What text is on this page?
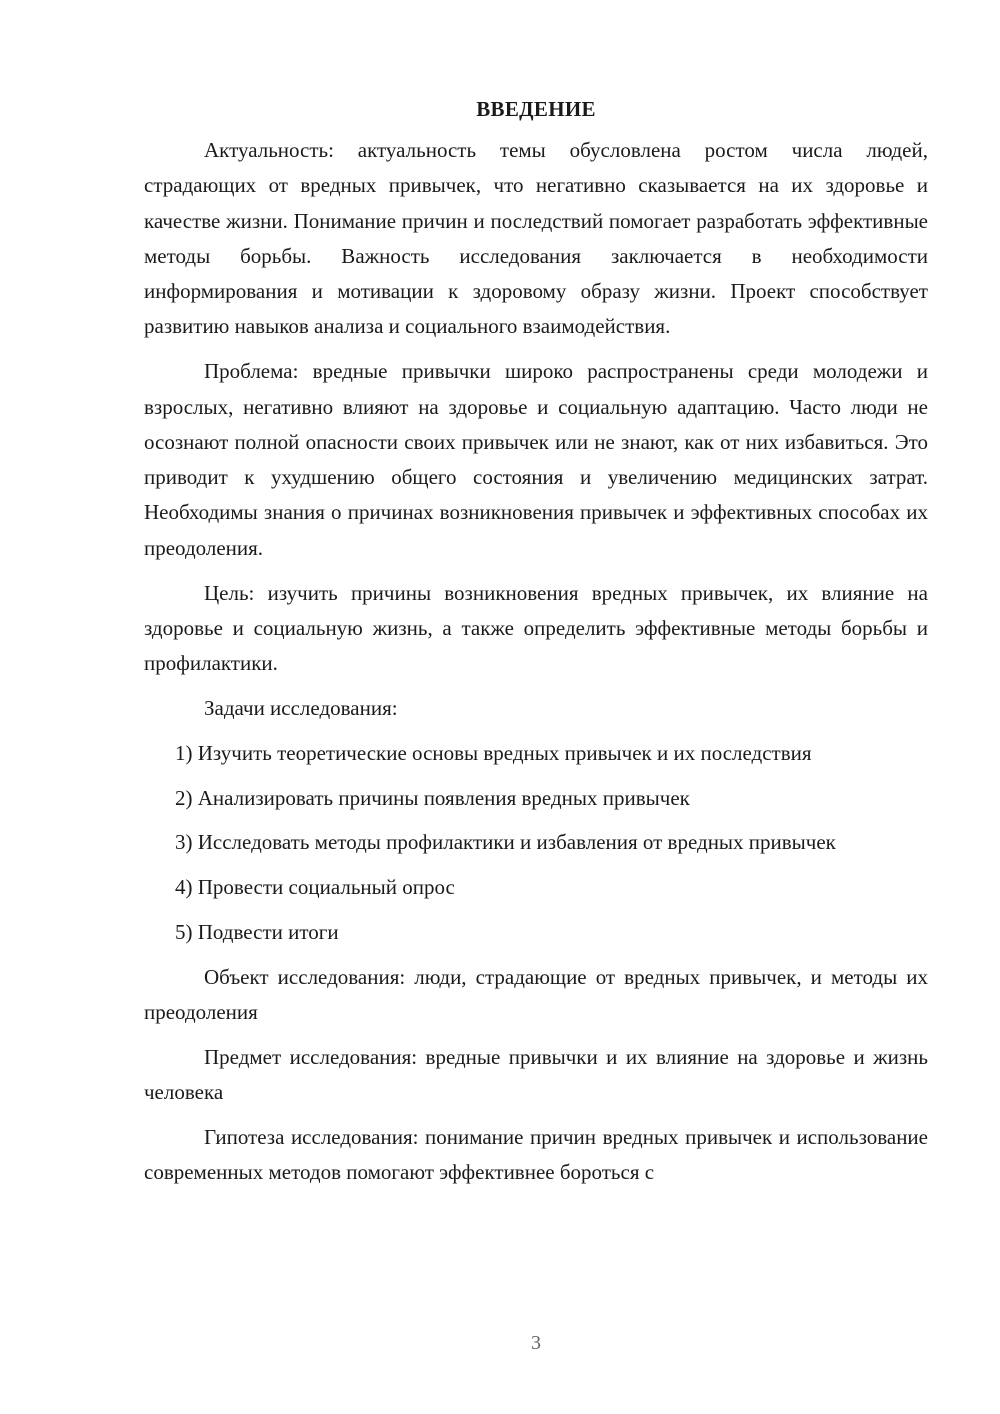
ВВЕДЕНИЕ

Актуальность: актуальность темы обусловлена ростом числа людей, страдающих от вредных привычек, что негативно сказывается на их здоровье и качестве жизни. Понимание причин и последствий помогает разработать эффективные методы борьбы. Важность исследования заключается в необходимости информирования и мотивации к здоровому образу жизни. Проект способствует развитию навыков анализа и социального взаимодействия.

Проблема: вредные привычки широко распространены среди молодежи и взрослых, негативно влияют на здоровье и социальную адаптацию. Часто люди не осознают полной опасности своих привычек или не знают, как от них избавиться. Это приводит к ухудшению общего состояния и увеличению медицинских затрат. Необходимы знания о причинах возникновения привычек и эффективных способах их преодоления.

Цель: изучить причины возникновения вредных привычек, их влияние на здоровье и социальную жизнь, а также определить эффективные методы борьбы и профилактики.

Задачи исследования:

1) Изучить теоретические основы вредных привычек и их последствия

2) Анализировать причины появления вредных привычек

3) Исследовать методы профилактики и избавления от вредных привычек

4) Провести социальный опрос

5) Подвести итоги

Объект исследования: люди, страдающие от вредных привычек, и методы их преодоления

Предмет исследования: вредные привычки и их влияние на здоровье и жизнь человека

Гипотеза исследования: понимание причин вредных привычек и использование современных методов помогают эффективнее бороться с

3
